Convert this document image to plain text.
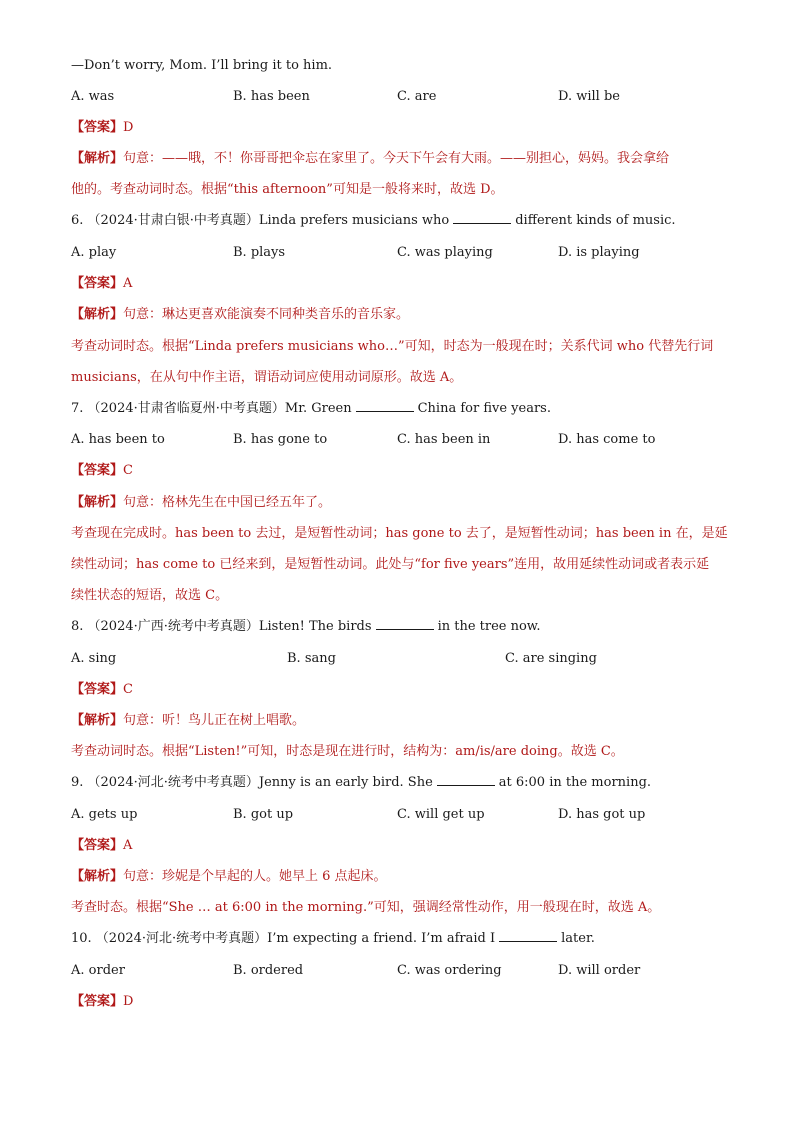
—Don’t worry, Mom. I’ll bring it to him.
A. was	B. has been	C. are	D. will be
【答案】D
【解析】句意：——哦，不！你哥哥把伞忘在家里了。今天下午会有大雨。——别担心，妈妈。我会拿给
他的。考查动词时态。根据“this afternoon”可知是一般将来时，故选 D。
6. （2024·甘肃白银·中考真题）Linda prefers musicians who	different kinds of music.
A. play	B. plays	C. was playing	D. is playing
【答案】A
【解析】句意：琳达更喜欢能演奏不同种类音乐的音乐家。
考查动词时态。根据“Linda prefers musicians who…”可知，时态为一般现在时；关系代词 who 代替先行词
musicians，在从句中作主语，谓语动词应使用动词原形。故选 A。
7. （2024·甘肃省临夏州·中考真题）Mr. Green	China for five years.
A. has been to	B. has gone to	C. has been in	D. has come to
【答案】C
【解析】句意：格林先生在中国已经五年了。
考查现在完成时。has been to 去过，是短暂性动词；has gone to 去了，是短暂性动词；has been in 在，是延
续性动词；has come to 已经来到，是短暂性动词。此处与“for five years”连用，故用延续性动词或者表示延
续性状态的短语，故选 C。
8. （2024·广西·统考中考真题）Listen! The birds	in the tree now.
A. sing	B. sang	C. are singing
【答案】C
【解析】句意：听！鸟儿正在树上唱歌。
考查动词时态。根据“Listen!”可知，时态是现在进行时，结构为：am/is/are doing。故选 C。
9. （2024·河北·统考中考真题）Jenny is an early bird. She	at 6:00 in the morning.
A. gets up	B. got up	C. will get up	D. has got up
【答案】A
【解析】句意：珍妮是个早起的人。她早上 6 点起床。
考查时态。根据“She … at 6:00 in the morning.”可知，强调经常性动作，用一般现在时，故选 A。
10. （2024·河北·统考中考真题）I’m expecting a friend. I’m afraid I	later.
A. order	B. ordered	C. was ordering	D. will order
【答案】D
